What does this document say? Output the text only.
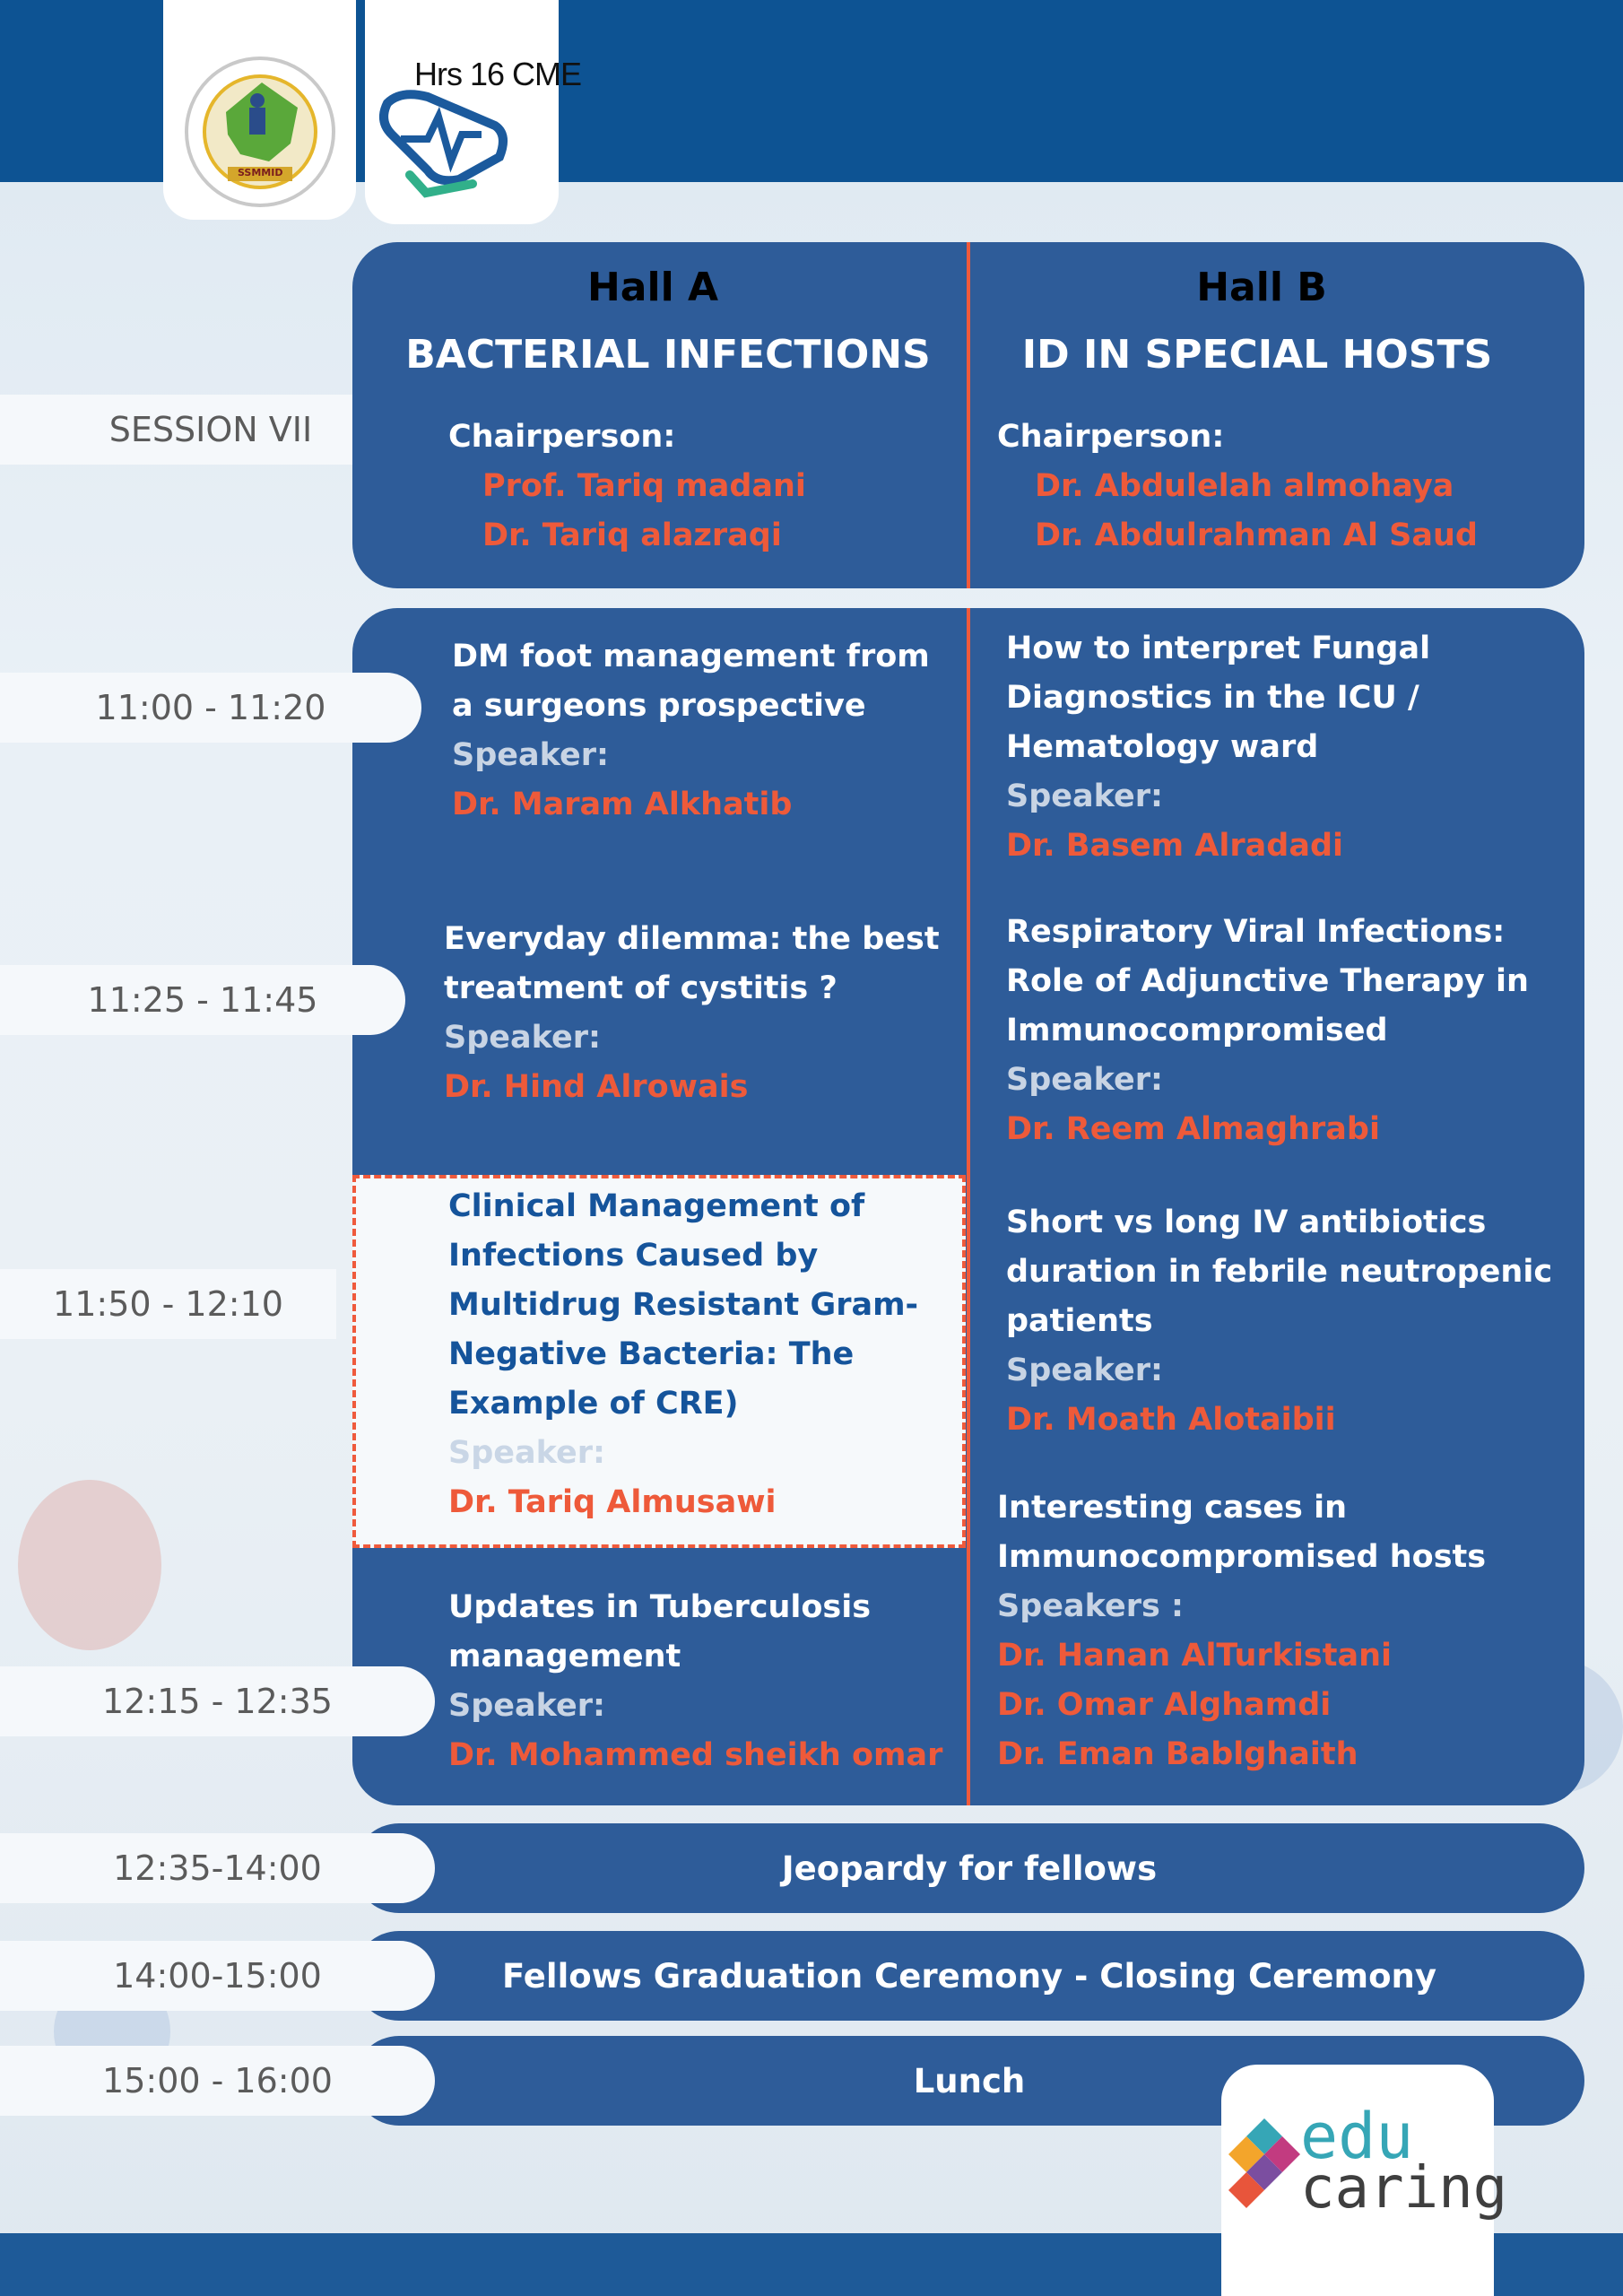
SSMMID
Hrs 16 CME
SESSION VII
Hall A
BACTERIAL INFECTIONS
Hall B
ID IN SPECIAL HOSTS
Chairperson:
Prof. Tariq madani
Dr. Tariq alazraqi
Chairperson:
Dr. Abdulelah almohaya
Dr. Abdulrahman Al Saud
11:00 - 11:20
11:25 - 11:45
11:50 - 12:10
12:15 - 12:35
DM foot management from
a surgeons prospective
Speaker:
Dr. Maram Alkhatib
Everyday dilemma: the best
treatment of cystitis ?
Speaker:
Dr. Hind Alrowais
Clinical Management of
Infections Caused by
Multidrug Resistant Gram-
Negative Bacteria: The
Example of CRE)
Speaker:
Dr. Tariq Almusawi
Updates in Tuberculosis
management
Speaker:
Dr. Mohammed sheikh omar
How to interpret Fungal
Diagnostics in the ICU /
Hematology ward
Speaker:
Dr. Basem Alradadi
Respiratory Viral Infections:
Role of Adjunctive Therapy in
Immunocompromised
Speaker:
Dr. Reem Almaghrabi
Short vs long IV antibiotics
duration in febrile neutropenic
patients
Speaker:
Dr. Moath Alotaibii
Interesting cases in
Immunocompromised hosts
Speakers :
Dr. Hanan AlTurkistani
Dr. Omar Alghamdi
Dr. Eman Bablghaith
Jeopardy for fellows
12:35-14:00
Fellows Graduation Ceremony - Closing Ceremony
14:00-15:00
Lunch
15:00 - 16:00
edu
caring
